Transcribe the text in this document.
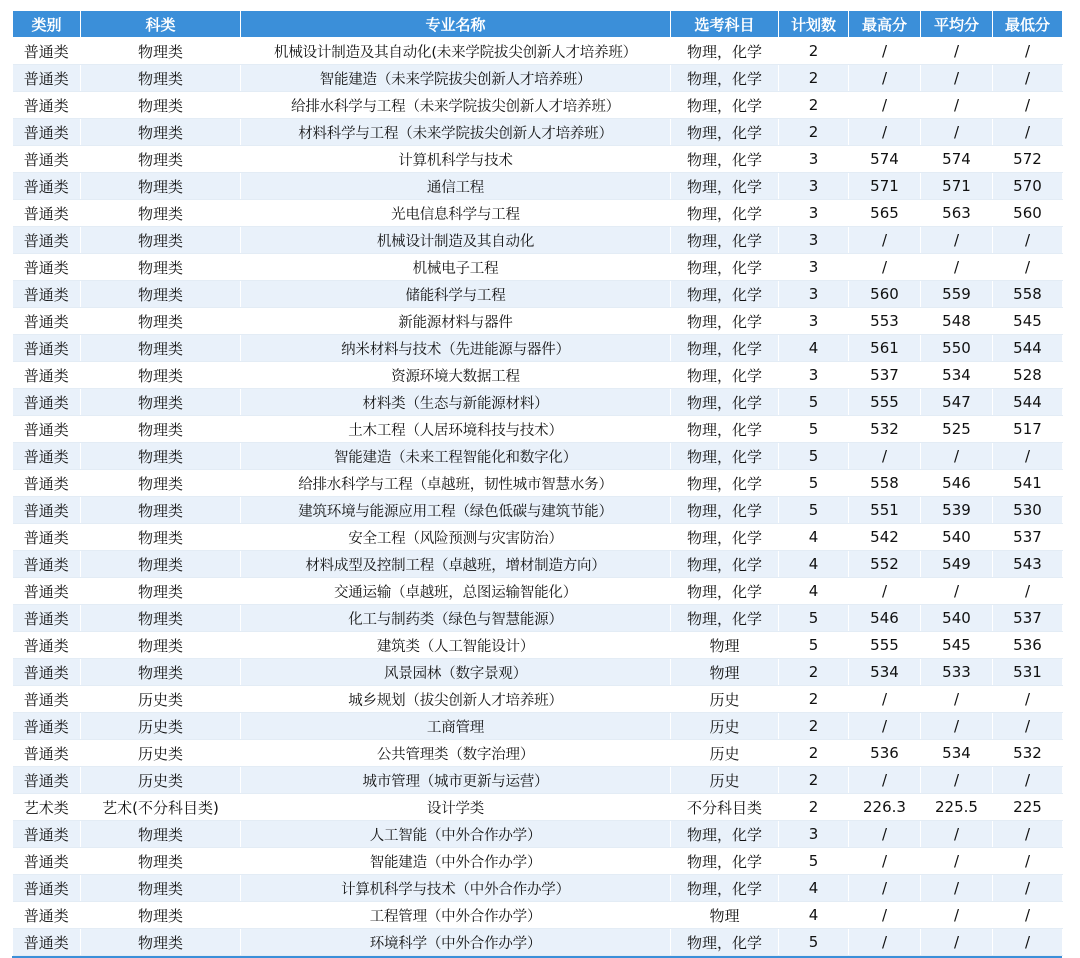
类别	科类	专业名称	选考科目	计划数	最高分	平均分	最低分
普通类	物理类	机械设计制造及其自动化(未来学院拔尖创新人才培养班）	物理，化学	2	/	/	/
普通类	物理类	智能建造（未来学院拔尖创新人才培养班）	物理，化学	2	/	/	/
普通类	物理类	给排水科学与工程（未来学院拔尖创新人才培养班）	物理，化学	2	/	/	/
普通类	物理类	材料科学与工程（未来学院拔尖创新人才培养班）	物理，化学	2	/	/	/
普通类	物理类	计算机科学与技术	物理，化学	3	574	574	572
普通类	物理类	通信工程	物理，化学	3	571	571	570
普通类	物理类	光电信息科学与工程	物理，化学	3	565	563	560
普通类	物理类	机械设计制造及其自动化	物理，化学	3	/	/	/
普通类	物理类	机械电子工程	物理，化学	3	/	/	/
普通类	物理类	储能科学与工程	物理，化学	3	560	559	558
普通类	物理类	新能源材料与器件	物理，化学	3	553	548	545
普通类	物理类	纳米材料与技术（先进能源与器件）	物理，化学	4	561	550	544
普通类	物理类	资源环境大数据工程	物理，化学	3	537	534	528
普通类	物理类	材料类（生态与新能源材料）	物理，化学	5	555	547	544
普通类	物理类	土木工程（人居环境科技与技术）	物理，化学	5	532	525	517
普通类	物理类	智能建造（未来工程智能化和数字化）	物理，化学	5	/	/	/
普通类	物理类	给排水科学与工程（卓越班，韧性城市智慧水务）	物理，化学	5	558	546	541
普通类	物理类	建筑环境与能源应用工程（绿色低碳与建筑节能）	物理，化学	5	551	539	530
普通类	物理类	安全工程（风险预测与灾害防治）	物理，化学	4	542	540	537
普通类	物理类	材料成型及控制工程（卓越班，增材制造方向）	物理，化学	4	552	549	543
普通类	物理类	交通运输（卓越班，总图运输智能化）	物理，化学	4	/	/	/
普通类	物理类	化工与制药类（绿色与智慧能源）	物理，化学	5	546	540	537
普通类	物理类	建筑类（人工智能设计）	物理	5	555	545	536
普通类	物理类	风景园林（数字景观）	物理	2	534	533	531
普通类	历史类	城乡规划（拔尖创新人才培养班）	历史	2	/	/	/
普通类	历史类	工商管理	历史	2	/	/	/
普通类	历史类	公共管理类（数字治理）	历史	2	536	534	532
普通类	历史类	城市管理（城市更新与运营）	历史	2	/	/	/
艺术类	艺术(不分科目类)	设计学类	不分科目类	2	226.3	225.5	225
普通类	物理类	人工智能（中外合作办学）	物理，化学	3	/	/	/
普通类	物理类	智能建造（中外合作办学）	物理，化学	5	/	/	/
普通类	物理类	计算机科学与技术（中外合作办学）	物理，化学	4	/	/	/
普通类	物理类	工程管理（中外合作办学）	物理	4	/	/	/
普通类	物理类	环境科学（中外合作办学）	物理，化学	5	/	/	/
